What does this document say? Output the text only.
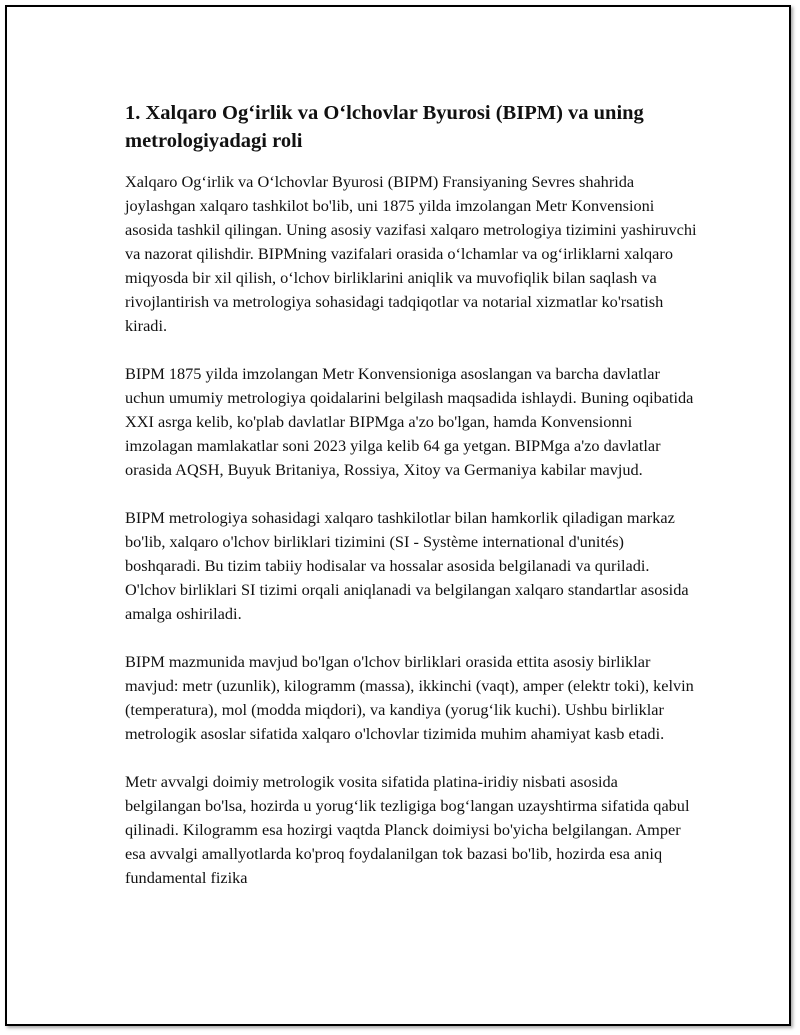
1. Xalqaro Og‘irlik va O‘lchovlar Byurosi (BIPM) va uning metrologiyadagi roli

Xalqaro Og‘irlik va O‘lchovlar Byurosi (BIPM) Fransiyaning Sevres shahrida joylashgan xalqaro tashkilot bo'lib, uni 1875 yilda imzolangan Metr Konvensioni asosida tashkil qilingan. Uning asosiy vazifasi xalqaro metrologiya tizimini yashiruvchi va nazorat qilishdir. BIPMning vazifalari orasida o‘lchamlar va og‘irliklarni xalqaro miqyosda bir xil qilish, o‘lchov birliklarini aniqlik va muvofiqlik bilan saqlash va rivojlantirish va metrologiya sohasidagi tadqiqotlar va notarial xizmatlar ko'rsatish kiradi.

BIPM 1875 yilda imzolangan Metr Konvensioniga asoslangan va barcha davlatlar uchun umumiy metrologiya qoidalarini belgilash maqsadida ishlaydi. Buning oqibatida XXI asrga kelib, ko'plab davlatlar BIPMga a'zo bo'lgan, hamda Konvensionni imzolagan mamlakatlar soni 2023 yilga kelib 64 ga yetgan. BIPMga a'zo davlatlar orasida AQSH, Buyuk Britaniya, Rossiya, Xitoy va Germaniya kabilar mavjud.

BIPM metrologiya sohasidagi xalqaro tashkilotlar bilan hamkorlik qiladigan markaz bo'lib, xalqaro o'lchov birliklari tizimini (SI - Système international d'unités) boshqaradi. Bu tizim tabiiy hodisalar va hossalar asosida belgilanadi va quriladi. O'lchov birliklari SI tizimi orqali aniqlanadi va belgilangan xalqaro standartlar asosida amalga oshiriladi.

BIPM mazmunida mavjud bo'lgan o'lchov birliklari orasida ettita asosiy birliklar mavjud: metr (uzunlik), kilogramm (massa), ikkinchi (vaqt), amper (elektr toki), kelvin (temperatura), mol (modda miqdori), va kandiya (yorug‘lik kuchi). Ushbu birliklar metrologik asoslar sifatida xalqaro o'lchovlar tizimida muhim ahamiyat kasb etadi.

Metr avvalgi doimiy metrologik vosita sifatida platina-iridiy nisbati asosida belgilangan bo'lsa, hozirda u yorug‘lik tezligiga bog‘langan uzayshtirma sifatida qabul qilinadi. Kilogramm esa hozirgi vaqtda Planck doimiysi bo'yicha belgilangan. Amper esa avvalgi amallyotlarda ko'proq foydalanilgan tok bazasi bo'lib, hozirda esa aniq fundamental fizika
